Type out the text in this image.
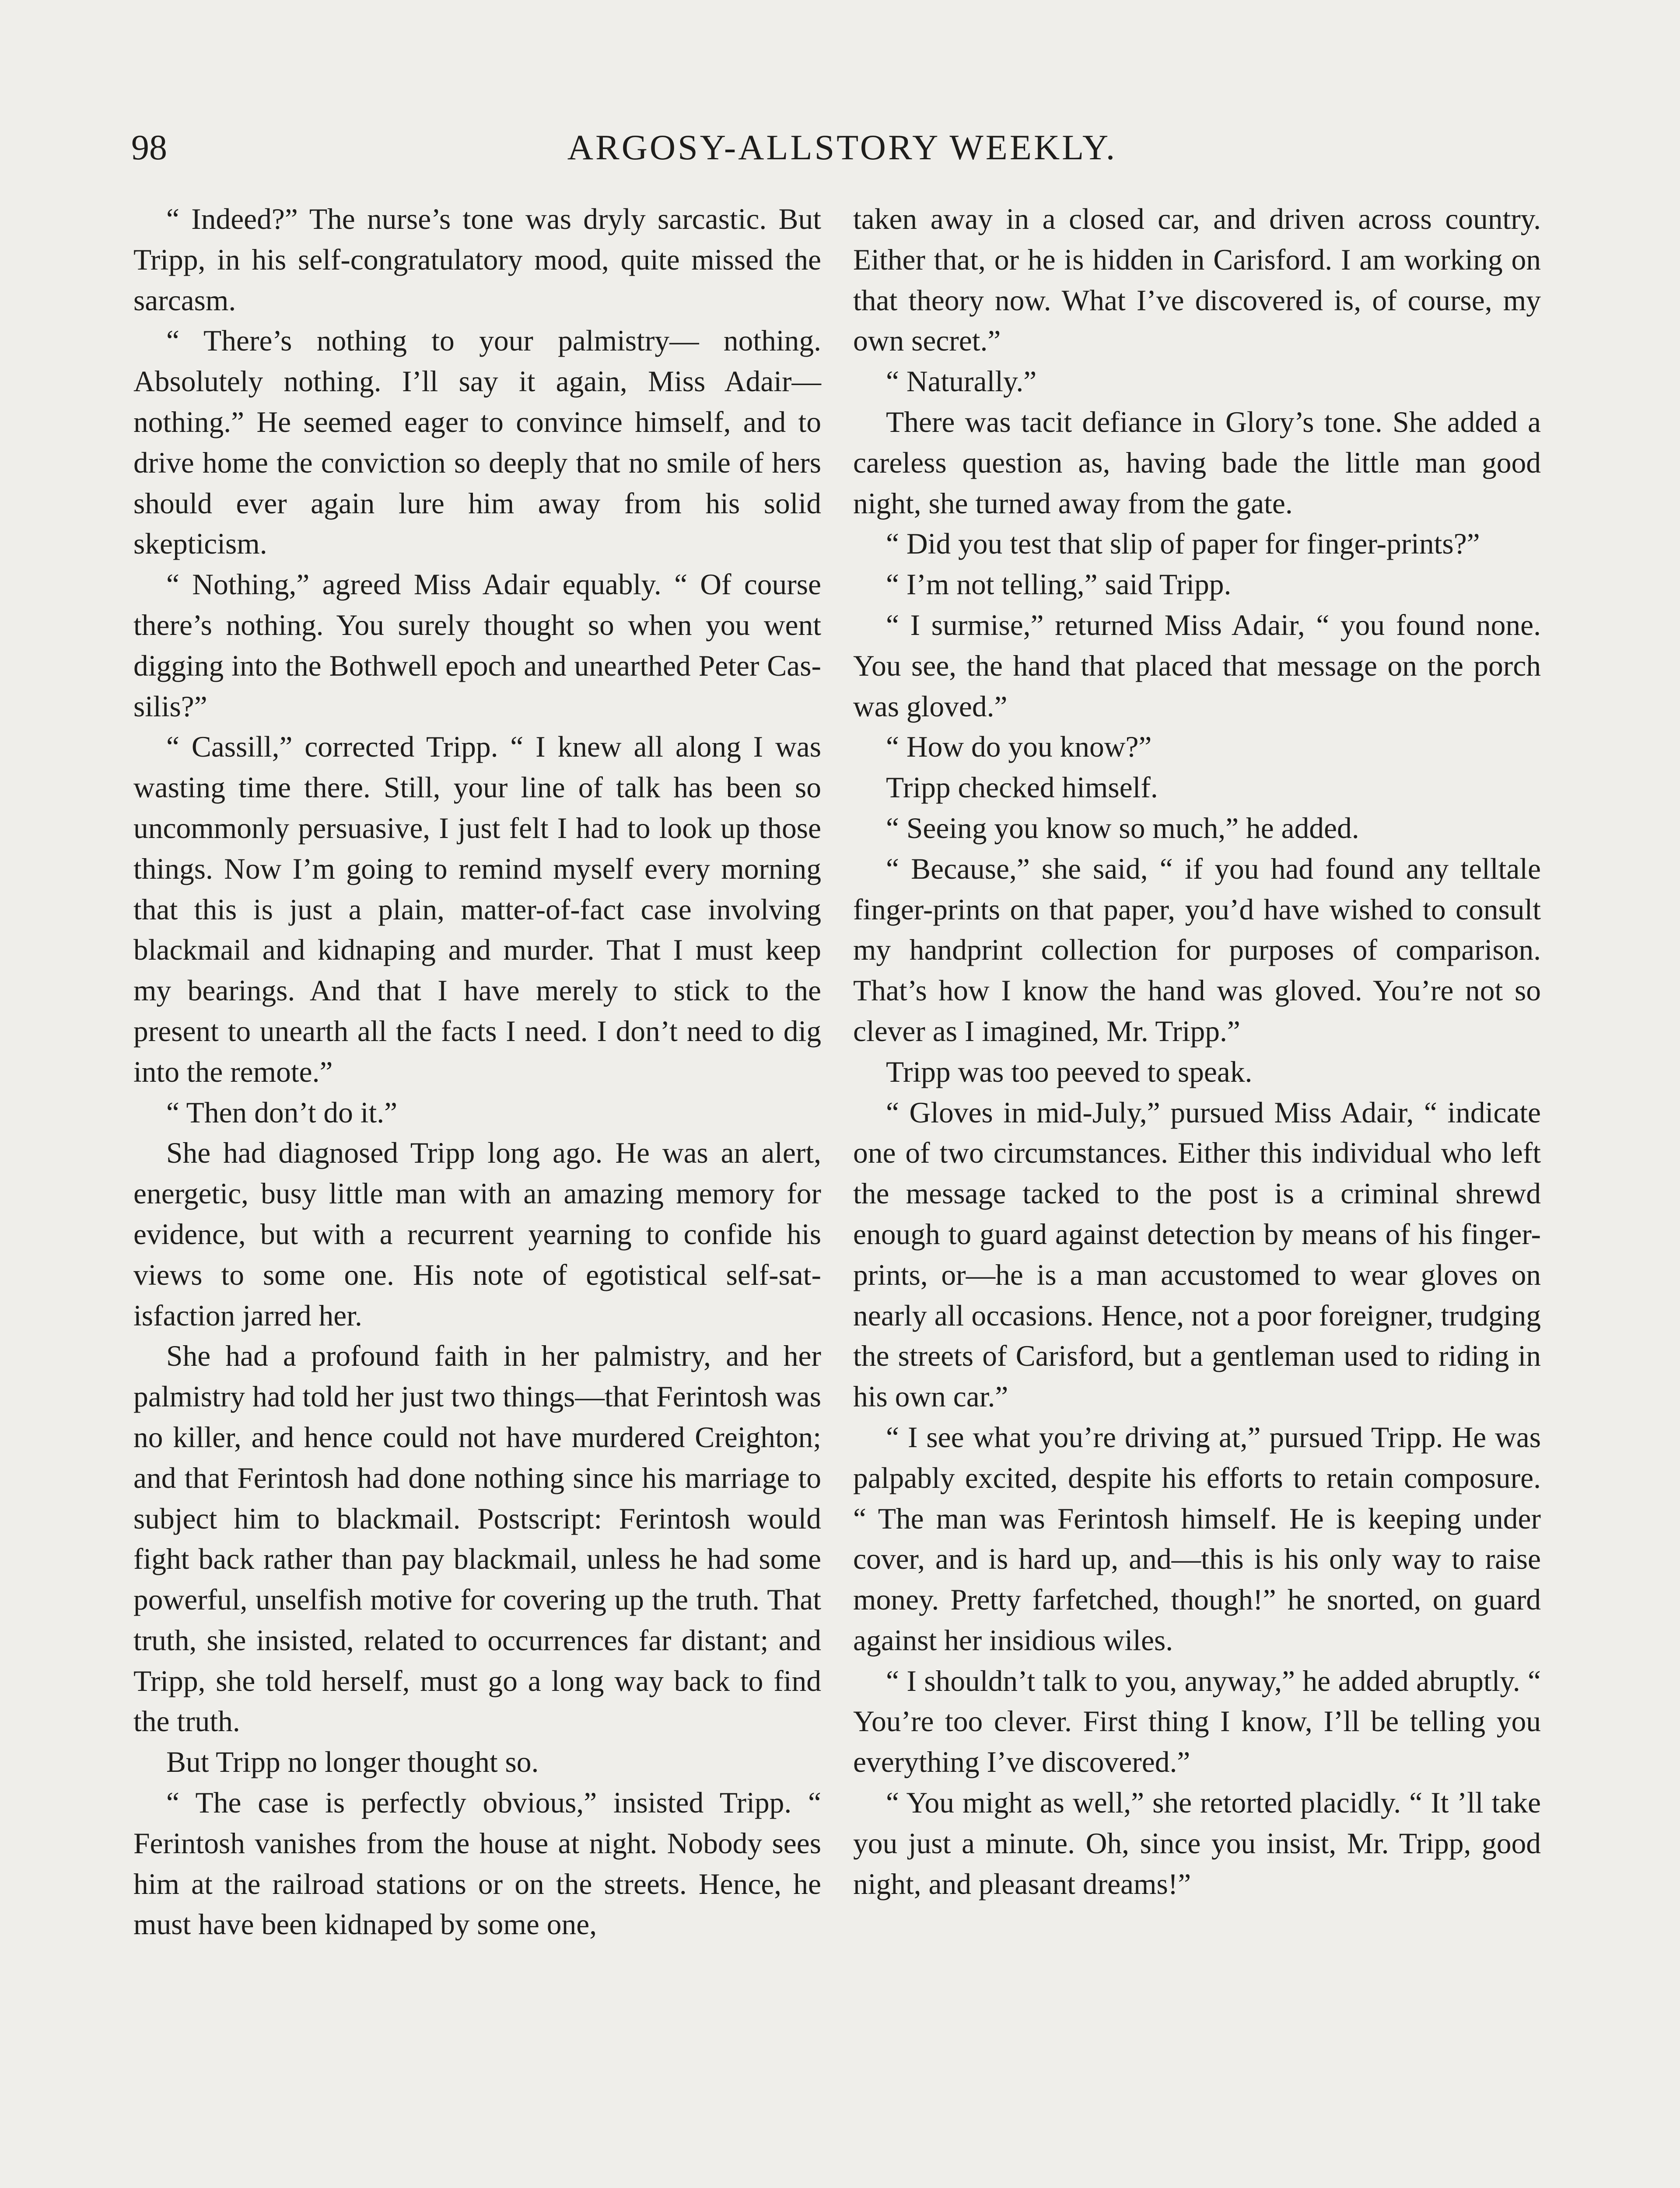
98	ARGOSY-ALLSTORY WEEKLY.

“ Indeed?” The nurse’s tone was dryly sarcastic. But Tripp, in his self-congratulatory mood, quite missed the sarcasm.

“ There’s nothing to your palmistry— nothing. Absolutely nothing. I’ll say it again, Miss Adair—nothing.” He seemed eager to convince himself, and to drive home the conviction so deeply that no smile of hers should ever again lure him away from his solid skepticism.

“ Nothing,” agreed Miss Adair equably. “ Of course there’s nothing. You surely thought so when you went digging into the Bothwell epoch and unearthed Peter Cassilis?”

“ Cassill,” corrected Tripp. “ I knew all along I was wasting time there. Still, your line of talk has been so uncommonly persuasive, I just felt I had to look up those things. Now I’m going to remind myself every morning that this is just a plain, matter-of-fact case involving blackmail and kidnaping and murder. That I must keep my bearings. And that I have merely to stick to the present to unearth all the facts I need. I don’t need to dig into the remote.”

“ Then don’t do it.”

She had diagnosed Tripp long ago. He was an alert, energetic, busy little man with an amazing memory for evidence, but with a recurrent yearning to confide his views to some one. His note of egotistical self-satisfaction jarred her.

She had a profound faith in her palmistry, and her palmistry had told her just two things—that Ferintosh was no killer, and hence could not have murdered Creighton; and that Ferintosh had done nothing since his marriage to subject him to blackmail. Postscript: Ferintosh would fight back rather than pay blackmail, unless he had some powerful, unselfish motive for covering up the truth. That truth, she insisted, related to occurrences far distant; and Tripp, she told herself, must go a long way back to find the truth.

But Tripp no longer thought so.

“ The case is perfectly obvious,” insisted Tripp. “ Ferintosh vanishes from the house at night. Nobody sees him at the railroad stations or on the streets. Hence, he must have been kidnaped by some one,

taken away in a closed car, and driven across country. Either that, or he is hidden in Carisford. I am working on that theory now. What I’ve discovered is, of course, my own secret.”

“ Naturally.”

There was tacit defiance in Glory’s tone. She added a careless question as, having bade the little man good night, she turned away from the gate.

“ Did you test that slip of paper for finger-prints?”

“ I’m not telling,” said Tripp.

“ I surmise,” returned Miss Adair, “ you found none. You see, the hand that placed that message on the porch was gloved.”

“ How do you know?”

Tripp checked himself.

“ Seeing you know so much,” he added.

“ Because,” she said, “ if you had found any telltale finger-prints on that paper, you’d have wished to consult my handprint collection for purposes of comparison. That’s how I know the hand was gloved. You’re not so clever as I imagined, Mr. Tripp.”

Tripp was too peeved to speak.

“ Gloves in mid-July,” pursued Miss Adair, “ indicate one of two circumstances. Either this individual who left the message tacked to the post is a criminal shrewd enough to guard against detection by means of his finger-prints, or—he is a man accustomed to wear gloves on nearly all occasions. Hence, not a poor foreigner, trudging the streets of Carisford, but a gentleman used to riding in his own car.”

“ I see what you’re driving at,” pursued Tripp. He was palpably excited, despite his efforts to retain composure. “ The man was Ferintosh himself. He is keeping under cover, and is hard up, and—this is his only way to raise money. Pretty farfetched, though!” he snorted, on guard against her insidious wiles.

“ I shouldn’t talk to you, anyway,” he added abruptly. “ You’re too clever. First thing I know, I’ll be telling you everything I’ve discovered.”

“ You might as well,” she retorted placidly. “ It ’ll take you just a minute. Oh, since you insist, Mr. Tripp, good night, and pleasant dreams!”
